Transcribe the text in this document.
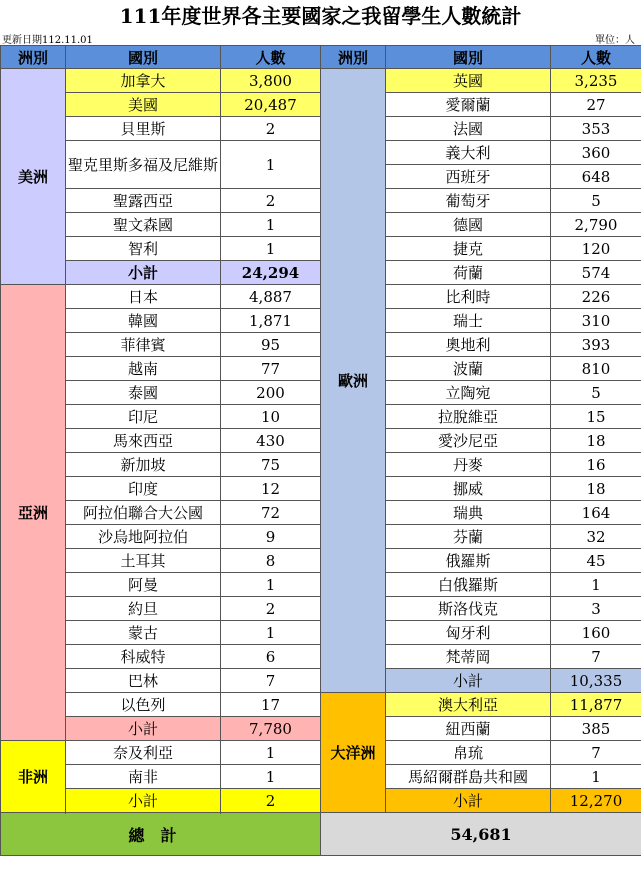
111年度世界各主要國家之我留學生人數統計
更新日期112.11.01	單位：人
洲別	國別	人數	洲別	國別	人數
美洲	加拿大	3,800	歐洲	英國	3,235
	美國	20,487		愛爾蘭	27
	貝里斯	2		法國	353
	聖克里斯多福及尼維斯	1		義大利	360
				西班牙	648
	聖露西亞	2		葡萄牙	5
	聖文森國	1		德國	2,790
	智利	1		捷克	120
	小計	24,294		荷蘭	574
亞洲	日本	4,887		比利時	226
	韓國	1,871		瑞士	310
	菲律賓	95		奧地利	393
	越南	77		波蘭	810
	泰國	200		立陶宛	5
	印尼	10		拉脫維亞	15
	馬來西亞	430		愛沙尼亞	18
	新加坡	75		丹麥	16
	印度	12		挪威	18
	阿拉伯聯合大公國	72		瑞典	164
	沙烏地阿拉伯	9		芬蘭	32
	土耳其	8		俄羅斯	45
	阿曼	1		白俄羅斯	1
	約旦	2		斯洛伐克	3
	蒙古	1		匈牙利	160
	科威特	6		梵蒂岡	7
	巴林	7		小計	10,335
	以色列	17	大洋洲	澳大利亞	11,877
	小計	7,780		紐西蘭	385
非洲	奈及利亞	1		帛琉	7
	南非	1		馬紹爾群島共和國	1
	小計	2		小計	12,270

總計			54,681		
